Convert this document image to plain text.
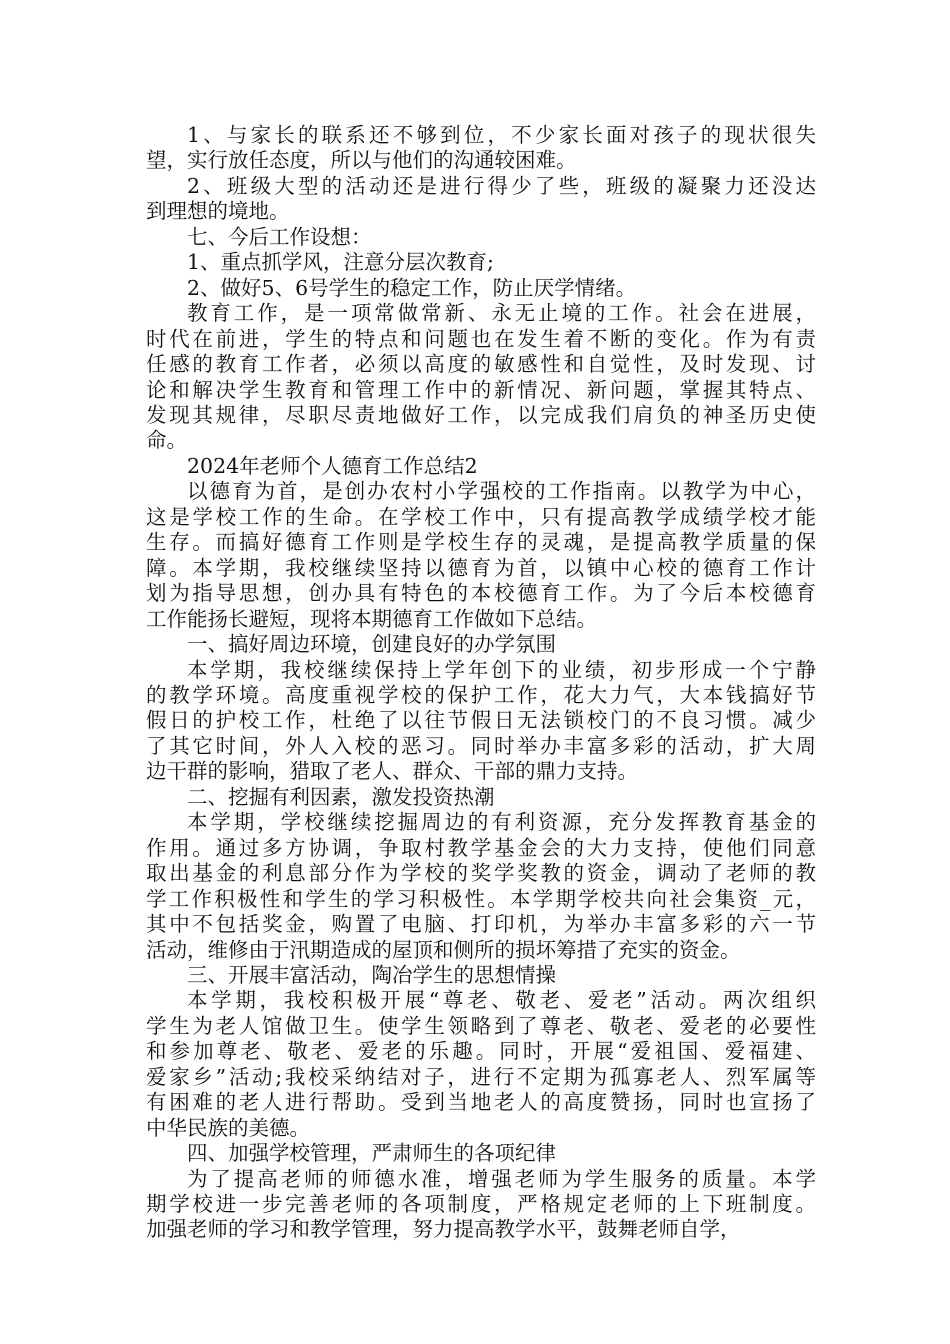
1、与家长的联系还不够到位，不少家长面对孩子的现状很失
望，实行放任态度，所以与他们的沟通较困难。
2、班级大型的活动还是进行得少了些，班级的凝聚力还没达
到理想的境地。
七、今后工作设想：
1、重点抓学风，注意分层次教育;
2、做好5、6号学生的稳定工作，防止厌学情绪。
教育工作，是一项常做常新、永无止境的工作。社会在进展，
时代在前进，学生的特点和问题也在发生着不断的变化。作为有责
任感的教育工作者，必须以高度的敏感性和自觉性，及时发现、讨
论和解决学生教育和管理工作中的新情况、新问题，掌握其特点、
发现其规律，尽职尽责地做好工作，以完成我们肩负的神圣历史使
命。
2024年老师个人德育工作总结2
以德育为首，是创办农村小学强校的工作指南。以教学为中心，
这是学校工作的生命。在学校工作中，只有提高教学成绩学校才能
生存。而搞好德育工作则是学校生存的灵魂，是提高教学质量的保
障。本学期，我校继续坚持以德育为首，以镇中心校的德育工作计
划为指导思想，创办具有特色的本校德育工作。为了今后本校德育
工作能扬长避短，现将本期德育工作做如下总结。
一、搞好周边环境，创建良好的办学氛围
本学期，我校继续保持上学年创下的业绩，初步形成一个宁静
的教学环境。高度重视学校的保护工作，花大力气，大本钱搞好节
假日的护校工作，杜绝了以往节假日无法锁校门的不良习惯。减少
了其它时间，外人入校的恶习。同时举办丰富多彩的活动，扩大周
边干群的影响，猎取了老人、群众、干部的鼎力支持。
二、挖掘有利因素，激发投资热潮
本学期，学校继续挖掘周边的有利资源，充分发挥教育基金的
作用。通过多方协调，争取村教学基金会的大力支持，使他们同意
取出基金的利息部分作为学校的奖学奖教的资金，调动了老师的教
学工作积极性和学生的学习积极性。本学期学校共向社会集资_元，
其中不包括奖金，购置了电脑、打印机，为举办丰富多彩的六一节
活动，维修由于汛期造成的屋顶和侧所的损坏筹措了充实的资金。
三、开展丰富活动，陶冶学生的思想情操
本学期，我校积极开展“尊老、敬老、爱老”活动。两次组织
学生为老人馆做卫生。使学生领略到了尊老、敬老、爱老的必要性
和参加尊老、敬老、爱老的乐趣。同时，开展“爱祖国、爱福建、
爱家乡”活动;我校采纳结对子，进行不定期为孤寡老人、烈军属等
有困难的老人进行帮助。受到当地老人的高度赞扬，同时也宣扬了
中华民族的美德。
四、加强学校管理，严肃师生的各项纪律
为了提高老师的师德水准，增强老师为学生服务的质量。本学
期学校进一步完善老师的各项制度，严格规定老师的上下班制度。
加强老师的学习和教学管理，努力提高教学水平，鼓舞老师自学，
